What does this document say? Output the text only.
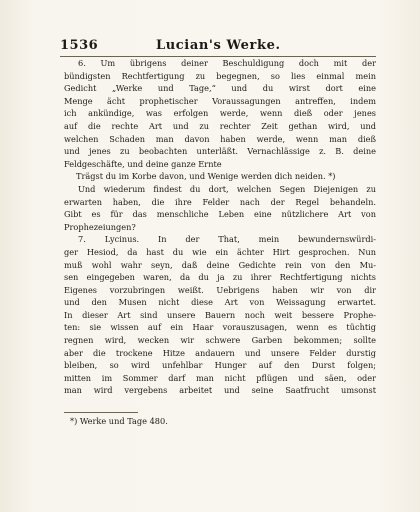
1536	Lucian's Werke.
6. Um übrigens deiner Beschuldigung doch mit der
bündigsten Rechtfertigung zu begegnen, so lies einmal mein
Gedicht „Werke und Tage,“ und du wirst dort eine
Menge ächt prophetischer Voraussagungen antreffen, indem
ich ankündige, was erfolgen werde, wenn dieß oder jenes
auf die rechte Art und zu rechter Zeit gethan wird, und
welchen Schaden man davon haben werde, wenn man dieß
und jenes zu beobachten unterläßt. Vernachlässige z. B. deine
Feldgeschäfte, und deine ganze Ernte
Trägst du im Korbe davon, und Wenige werden dich neiden. *)
Und wiederum findest du dort, welchen Segen Diejenigen zu
erwarten haben, die ihre Felder nach der Regel behandeln.
Gibt es für das menschliche Leben eine nützlichere Art von
Prophezeiungen?
7. Lycinus. In der That, mein bewundernswürdi-
ger Hesiod, da hast du wie ein ächter Hirt gesprochen. Nun
muß wohl wahr seyn, daß deine Gedichte rein von den Mu-
sen eingegeben waren, da du ja zu ihrer Rechtfertigung nichts
Eigenes vorzubringen weißt. Uebrigens haben wir von dir
und den Musen nicht diese Art von Weissagung erwartet.
In dieser Art sind unsere Bauern noch weit bessere Prophe-
ten: sie wissen auf ein Haar vorauszusagen, wenn es tüchtig
regnen wird, wecken wir schwere Garben bekommen; sollte
aber die trockene Hitze andauern und unsere Felder durstig
bleiben, so wird unfehlbar Hunger auf den Durst folgen;
mitten im Sommer darf man nicht pflügen und säen, oder
man wird vergebens arbeitet und seine Saatfrucht umsonst
*) Werke und Tage 480.
